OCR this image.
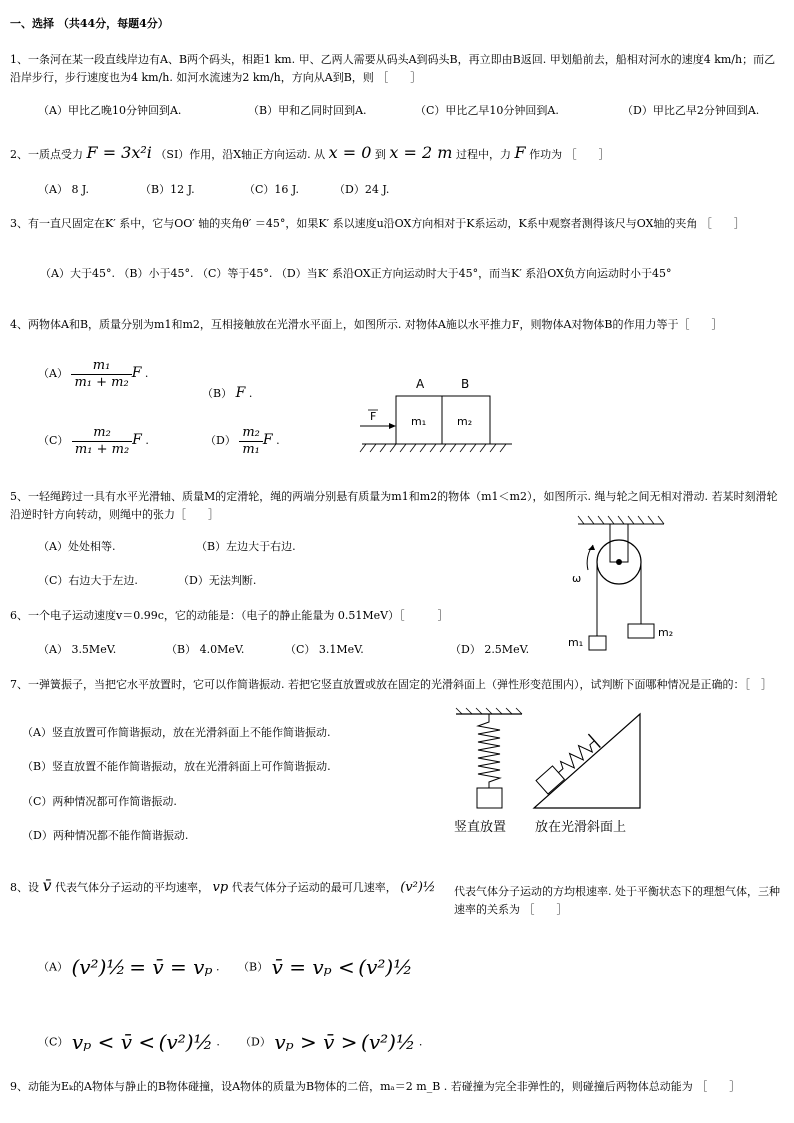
一、选择 （共44分，每题4分）
1、一条河在某一段直线岸边有A、B两个码头，相距1 km. 甲、乙两人需要从码头A到码头B，再立即由B返回. 甲划船前去，船相对河水的速度4 km/h；而乙沿岸步行，步行速度也为4 km/h. 如河水流速为2 km/h，方向从A到B，则 ［　　］
（A）甲比乙晚10分钟回到A.	（B）甲和乙同时回到A.	（C）甲比乙早10分钟回到A.	（D）甲比乙早2分钟回到A.
2、一质点受力 F = 3x²i （SI）作用，沿X轴正方向运动. 从 x = 0 到 x = 2 m 过程中，力 F 作功为 ［　　］
（A） 8 J.	（B）12 J.	（C）16 J.	（D）24 J.
3、有一直尺固定在K′ 系中，它与OO′ 轴的夹角θ′ ＝45°，如果K′ 系以速度u沿OX方向相对于K系运动，K系中观察者测得该尺与OX轴的夹角 ［　　］
（A）大于45°. （B）小于45°. （C）等于45°. （D）当K′ 系沿OX正方向运动时大于45°，而当K′ 系沿OX负方向运动时小于45°
4、两物体A和B，质量分别为m1和m2，互相接触放在光滑水平面上，如图所示. 对物体A施以水平推力F，则物体A对物体B的作用力等于［　　］
$(A) \frac{\text{m₁}}{\text{m₁ + m₂}}$ F .
（B） F .
$(C) \frac{\text{m₂}}{\text{m₁ + m₂}}$ F .	$(D) \frac{\text{m₂}}{\text{m₁}}$ F .
A	B
m₁	m₂
F
5、一轻绳跨过一具有水平光滑轴、质量M的定滑轮，绳的两端分别悬有质量为m1和m2的物体（m1＜m2），如图所示. 绳与轮之间无相对滑动. 若某时刻滑轮沿逆时针方向转动，则绳中的张力［　　］
（A）处处相等.	（B）左边大于右边.
（C）右边大于左边.	（D）无法判断.	ω
m₁
m₂
6、一个电子运动速度v＝0.99c，它的动能是：（电子的静止能量为 0.51MeV）［　　　］
（A） 3.5MeV.	（B） 4.0MeV.	（C） 3.1MeV.	（D） 2.5MeV.
7、一弹簧振子，当把它水平放置时，它可以作简谐振动. 若把它竖直放置或放在固定的光滑斜面上（弹性形变范围内），试判断下面哪种情况是正确的：［　］
（A）竖直放置可作简谐振动，放在光滑斜面上不能作简谐振动.
（B）竖直放置不能作简谐振动，放在光滑斜面上可作简谐振动.
（C）两种情况都可作简谐振动.
（D）两种情况都不能作简谐振动.
竖直放置 放在光滑斜面上
8、设 v̄ 代表气体分子运动的平均速率， vp 代表气体分子运动的最可几速率， (v²)½ 代表气体分子运动的方均根速率. 处于平衡状态下的理想气体，三种速率的关系为 ［　　］
（A） (v²)½ = v̄ = vₚ . （B） v̄ = vₚ < (v²)½
（C） vₚ < v̄ < (v²)½ . （D） vₚ > v̄ > (v²)½ .
9、动能为Eₖ的A物体与静止的B物体碰撞，设A物体的质量为B物体的二倍，mₐ＝2 m_B . 若碰撞为完全非弹性的，则碰撞后两物体总动能为 ［　　］
